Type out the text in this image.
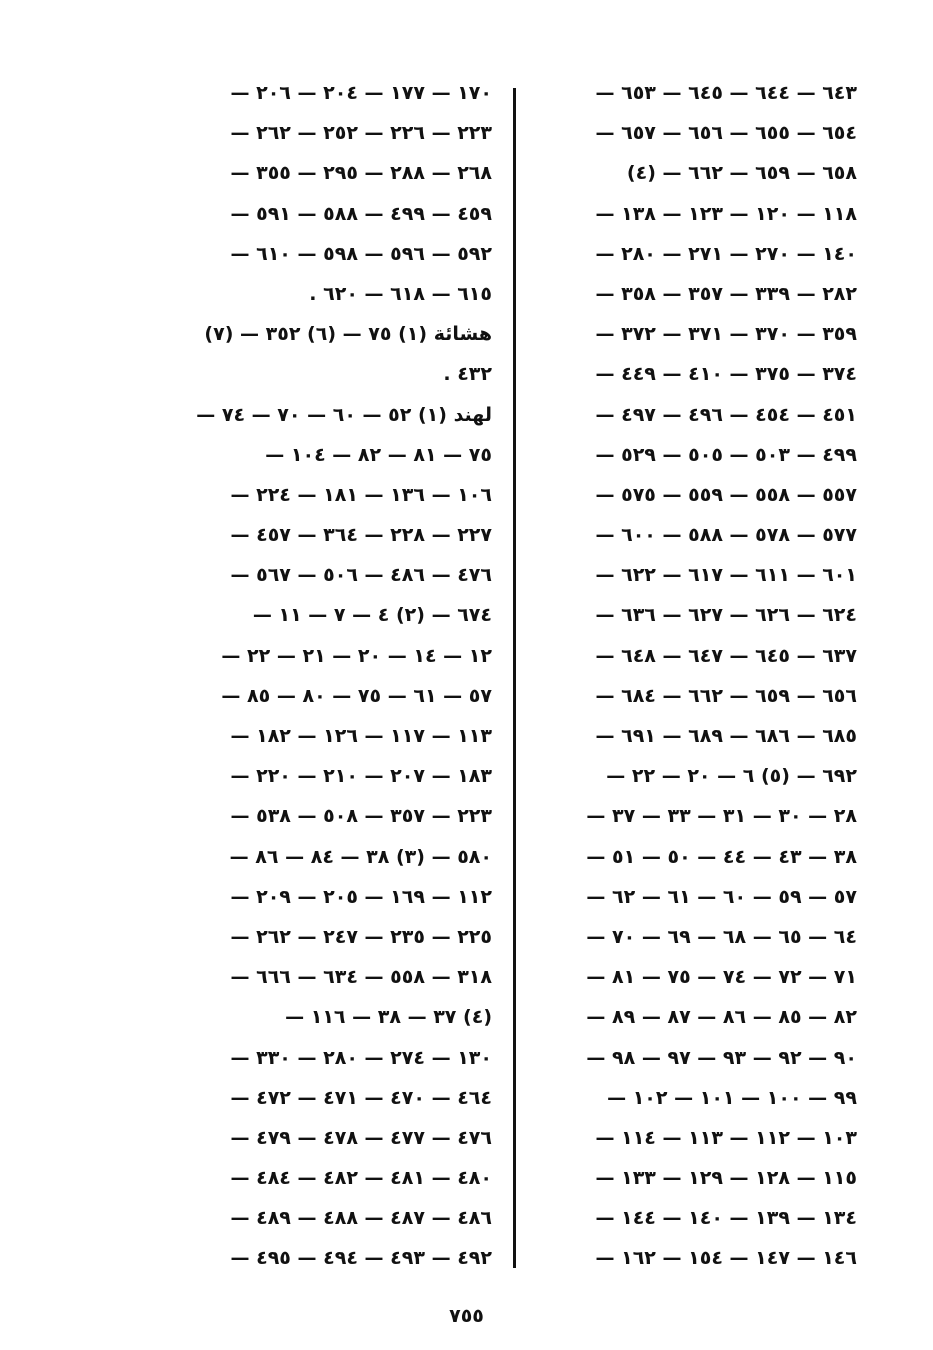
٦٤٣ — ٦٤٤ — ٦٤٥ — ٦٥٣ —
٦٥٤ — ٦٥٥ — ٦٥٦ — ٦٥٧ —
٦٥٨ — ٦٥٩ — ٦٦٢ — (٤)
١١٨ — ١٢٠ — ١٢٣ — ١٣٨ —
١٤٠ — ٢٧٠ — ٢٧١ — ٢٨٠ —
٢٨٢ — ٣٣٩ — ٣٥٧ — ٣٥٨ —
٣٥٩ — ٣٧٠ — ٣٧١ — ٣٧٢ —
٣٧٤ — ٣٧٥ — ٤١٠ — ٤٤٩ —
٤٥١ — ٤٥٤ — ٤٩٦ — ٤٩٧ —
٤٩٩ — ٥٠٣ — ٥٠٥ — ٥٢٩ —
٥٥٧ — ٥٥٨ — ٥٥٩ — ٥٧٥ —
٥٧٧ — ٥٧٨ — ٥٨٨ — ٦٠٠ —
٦٠١ — ٦١١ — ٦١٧ — ٦٢٢ —
٦٢٤ — ٦٢٦ — ٦٢٧ — ٦٣٦ —
٦٣٧ — ٦٤٥ — ٦٤٧ — ٦٤٨ —
٦٥٦ — ٦٥٩ — ٦٦٢ — ٦٨٤ —
٦٨٥ — ٦٨٦ — ٦٨٩ — ٦٩١ —
٦٩٢ — (٥) ٦ — ٢٠ — ٢٢ —
٢٨ — ٣٠ — ٣١ — ٣٣ — ٣٧ —
٣٨ — ٤٣ — ٤٤ — ٥٠ — ٥١ —
٥٧ — ٥٩ — ٦٠ — ٦١ — ٦٢ —
٦٤ — ٦٥ — ٦٨ — ٦٩ — ٧٠ —
٧١ — ٧٢ — ٧٤ — ٧٥ — ٨١ —
٨٢ — ٨٥ — ٨٦ — ٨٧ — ٨٩ —
٩٠ — ٩٢ — ٩٣ — ٩٧ — ٩٨ —
٩٩ — ١٠٠ — ١٠١ — ١٠٢ —
١٠٣ — ١١٢ — ١١٣ — ١١٤ —
١١٥ — ١٢٨ — ١٢٩ — ١٣٣ —
١٣٤ — ١٣٩ — ١٤٠ — ١٤٤ —
١٤٦ — ١٤٧ — ١٥٤ — ١٦٢ —
١٧٠ — ١٧٧ — ٢٠٤ — ٢٠٦ —
٢٢٣ — ٢٢٦ — ٢٥٢ — ٢٦٢ —
٢٦٨ — ٢٨٨ — ٢٩٥ — ٣٥٥ —
٤٥٩ — ٤٩٩ — ٥٨٨ — ٥٩١ —
٥٩٢ — ٥٩٦ — ٥٩٨ — ٦١٠ —
٦١٥ — ٦١٨ — ٦٢٠ .
هشائة (١) ٧٥ — (٦) ٣٥٢ — (٧)
٤٣٢ .
لهند (١) ٥٢ — ٦٠ — ٧٠ — ٧٤ —
٧٥ — ٨١ — ٨٢ — ١٠٤ —
١٠٦ — ١٣٦ — ١٨١ — ٢٢٤ —
٢٢٧ — ٢٢٨ — ٣٦٤ — ٤٥٧ —
٤٧٦ — ٤٨٦ — ٥٠٦ — ٥٦٧ —
٦٧٤ — (٢) ٤ — ٧ — ١١ —
١٢ — ١٤ — ٢٠ — ٢١ — ٢٢ —
٥٧ — ٦١ — ٧٥ — ٨٠ — ٨٥ —
١١٣ — ١١٧ — ١٢٦ — ١٨٢ —
١٨٣ — ٢٠٧ — ٢١٠ — ٢٢٠ —
٢٢٣ — ٣٥٧ — ٥٠٨ — ٥٣٨ —
٥٨٠ — (٣) ٣٨ — ٨٤ — ٨٦ —
١١٢ — ١٦٩ — ٢٠٥ — ٢٠٩ —
٢٢٥ — ٢٣٥ — ٢٤٧ — ٢٦٢ —
٣١٨ — ٥٥٨ — ٦٣٤ — ٦٦٦ —
(٤) ٣٧ — ٣٨ — ١١٦ —
١٣٠ — ٢٧٤ — ٢٨٠ — ٣٣٠ —
٤٦٤ — ٤٧٠ — ٤٧١ — ٤٧٢ —
٤٧٦ — ٤٧٧ — ٤٧٨ — ٤٧٩ —
٤٨٠ — ٤٨١ — ٤٨٢ — ٤٨٤ —
٤٨٦ — ٤٨٧ — ٤٨٨ — ٤٨٩ —
٤٩٢ — ٤٩٣ — ٤٩٤ — ٤٩٥ —
٧٥٥
